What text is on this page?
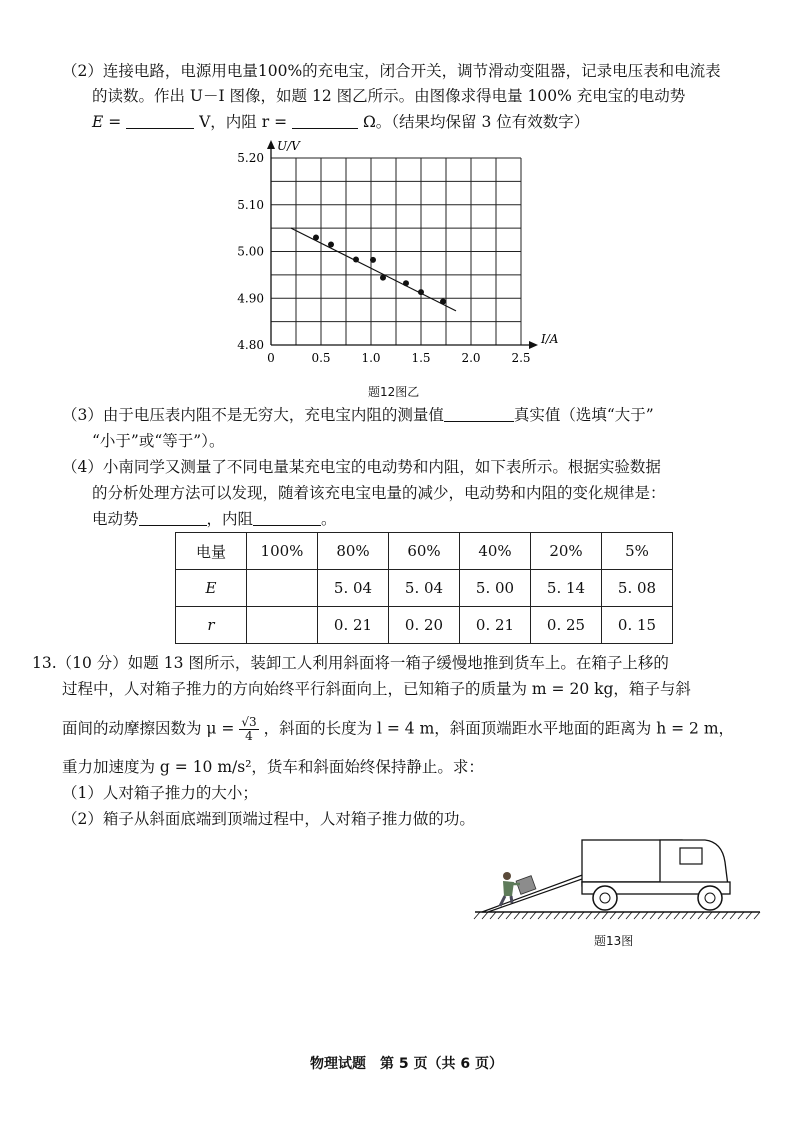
（2）连接电路，电源用电量100%的充电宝，闭合开关，调节滑动变阻器，记录电压表和电流表
的读数。作出 U－I 图像，如题 12 图乙所示。由图像求得电量 100% 充电宝的电动势
E =	V，内阻 r =	Ω。（结果均保留 3 位有效数字）
0	0.5	1.0	1.5	2.0	2.5
4.80
4.90
5.00
5.10
5.20
U/V
I/A
题12图乙
（3）由于电压表内阻不是无穷大，充电宝内阻的测量值	真实值（选填“大于”
“小于”或“等于”）。
（4）小南同学又测量了不同电量某充电宝的电动势和内阻，如下表所示。根据实验数据
的分析处理方法可以发现，随着该充电宝电量的减少，电动势和内阻的变化规律是：
电动势	，内阻	。
电量	100%	80%	60%	40%	20%	5%
E		5. 04	5. 04	5. 00	5. 14	5. 08
r		0. 21	0. 20	0. 21	0. 25	0. 15
13.（10 分）如题 13 图所示，装卸工人利用斜面将一箱子缓慢地推到货车上。在箱子上移的
过程中，人对箱子推力的方向始终平行斜面向上，已知箱子的质量为 m = 20 kg，箱子与斜
面间的动摩擦因数为 $\mu = \frac{√3}{4}$ ，斜面的长度为 l = 4 m，斜面顶端距水平地面的距离为 h = 2 m，
重力加速度为 g = 10 m/s²，货车和斜面始终保持静止。求：
（1）人对箱子推力的大小；
（2）箱子从斜面底端到顶端过程中，人对箱子推力做的功。
题13图
物理试题　第 5 页（共 6 页）
